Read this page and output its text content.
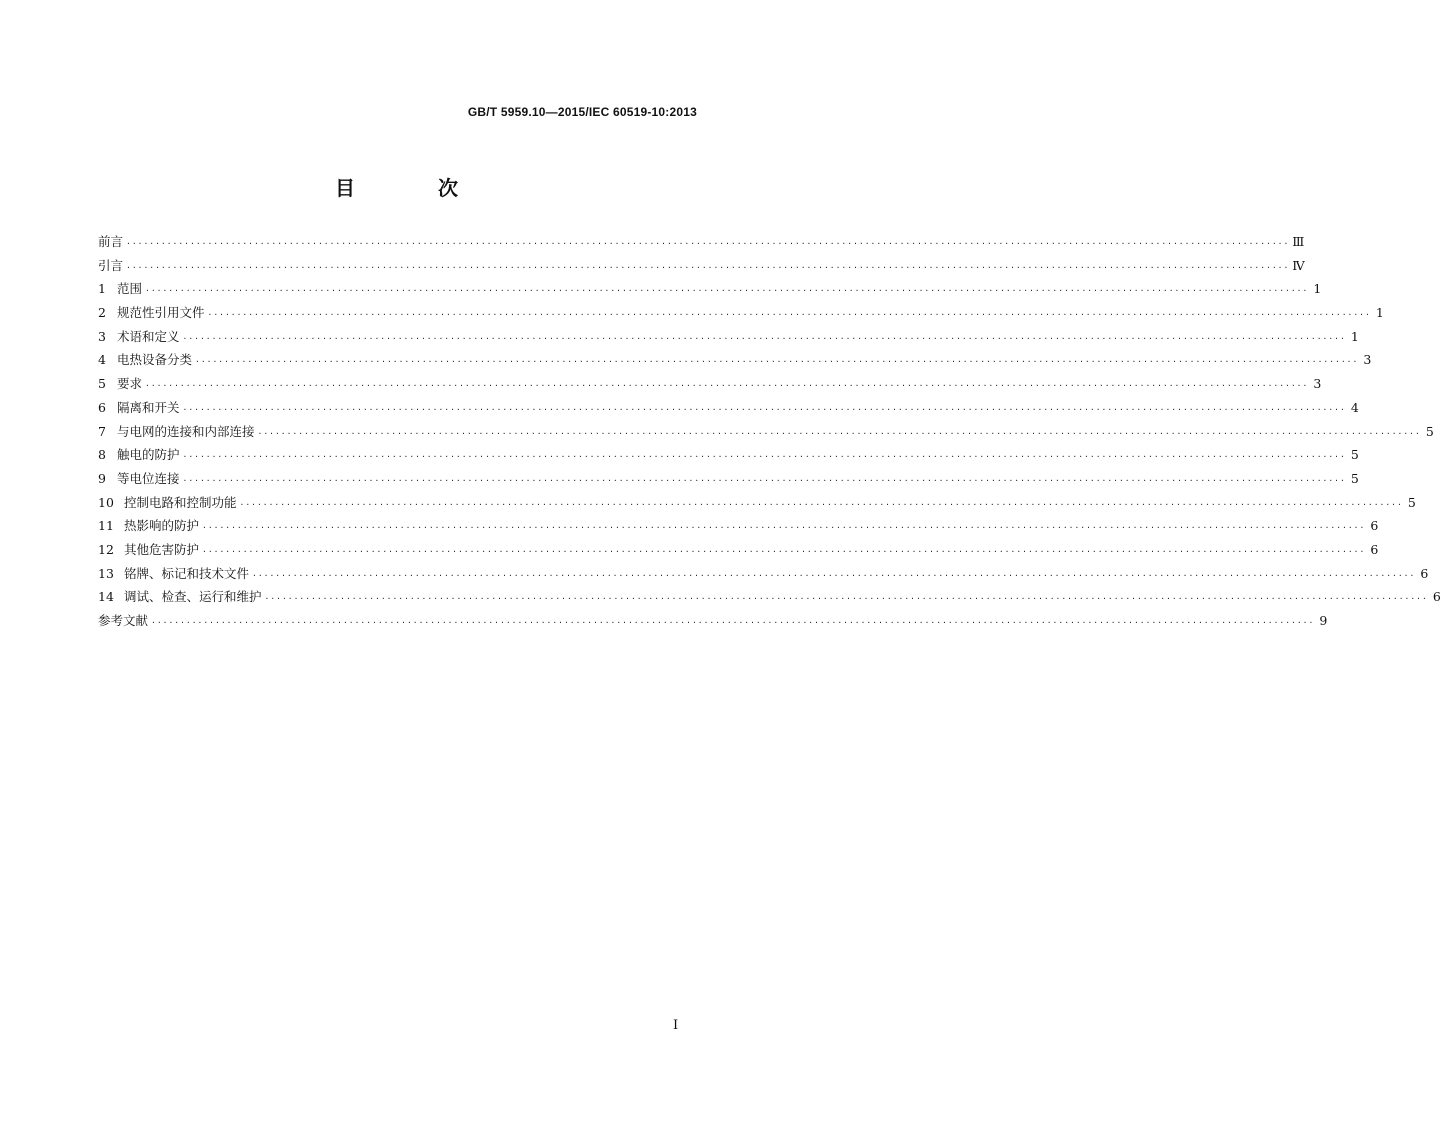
GB/T 5959.10—2015/IEC 60519-10:2013
目 次
前言 ········································································································································································································ Ⅲ
引言 ········································································································································································································ Ⅳ
1 范围 ········································································································································································································ 1
2 规范性引用文件 ········································································································································································································ 1
3 术语和定义 ········································································································································································································ 1
4 电热设备分类 ········································································································································································································ 3
5 要求 ········································································································································································································ 3
6 隔离和开关 ········································································································································································································ 4
7 与电网的连接和内部连接 ········································································································································································································ 5
8 触电的防护 ········································································································································································································ 5
9 等电位连接 ········································································································································································································ 5
10 控制电路和控制功能 ········································································································································································································ 5
11 热影响的防护 ········································································································································································································ 6
12 其他危害防护 ········································································································································································································ 6
13 铭牌、标记和技术文件 ········································································································································································································ 6
14 调试、检查、运行和维护 ········································································································································································································ 6
参考文献 ········································································································································································································ 9
I
